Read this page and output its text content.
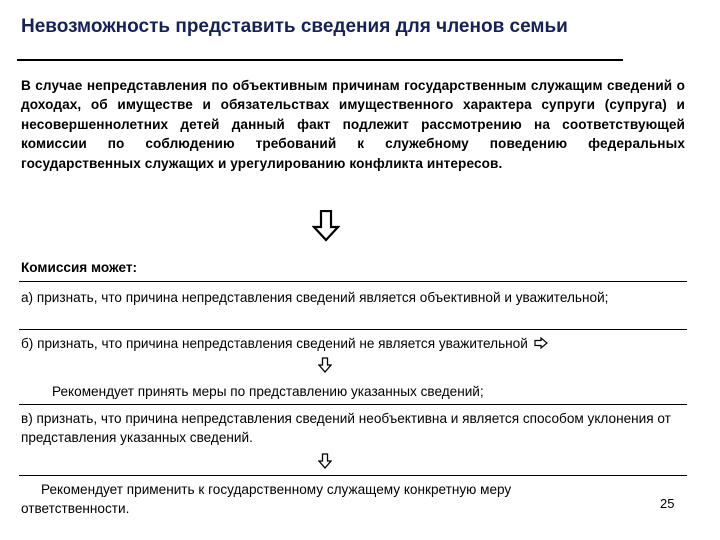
Невозможность представить сведения для членов семьи
В случае непредставления по объективным причинам государственным служащим сведений о доходах, об имуществе и обязательствах имущественного характера супруги (супруга) и несовершеннолетних детей данный факт подлежит рассмотрению на соответствующей комиссии по соблюдению требований к служебному поведению федеральных государственных служащих и урегулированию конфликта интересов.
Комиссия может:
а) признать, что причина непредставления сведений является объективной и уважительной;
б) признать, что причина непредставления сведений не является уважительной
Рекомендует принять меры по представлению указанных сведений;
в) признать, что причина непредставления сведений необъективна и является способом уклонения от представления указанных сведений.
Рекомендует применить к государственному служащему конкретную меру ответственности.	25
